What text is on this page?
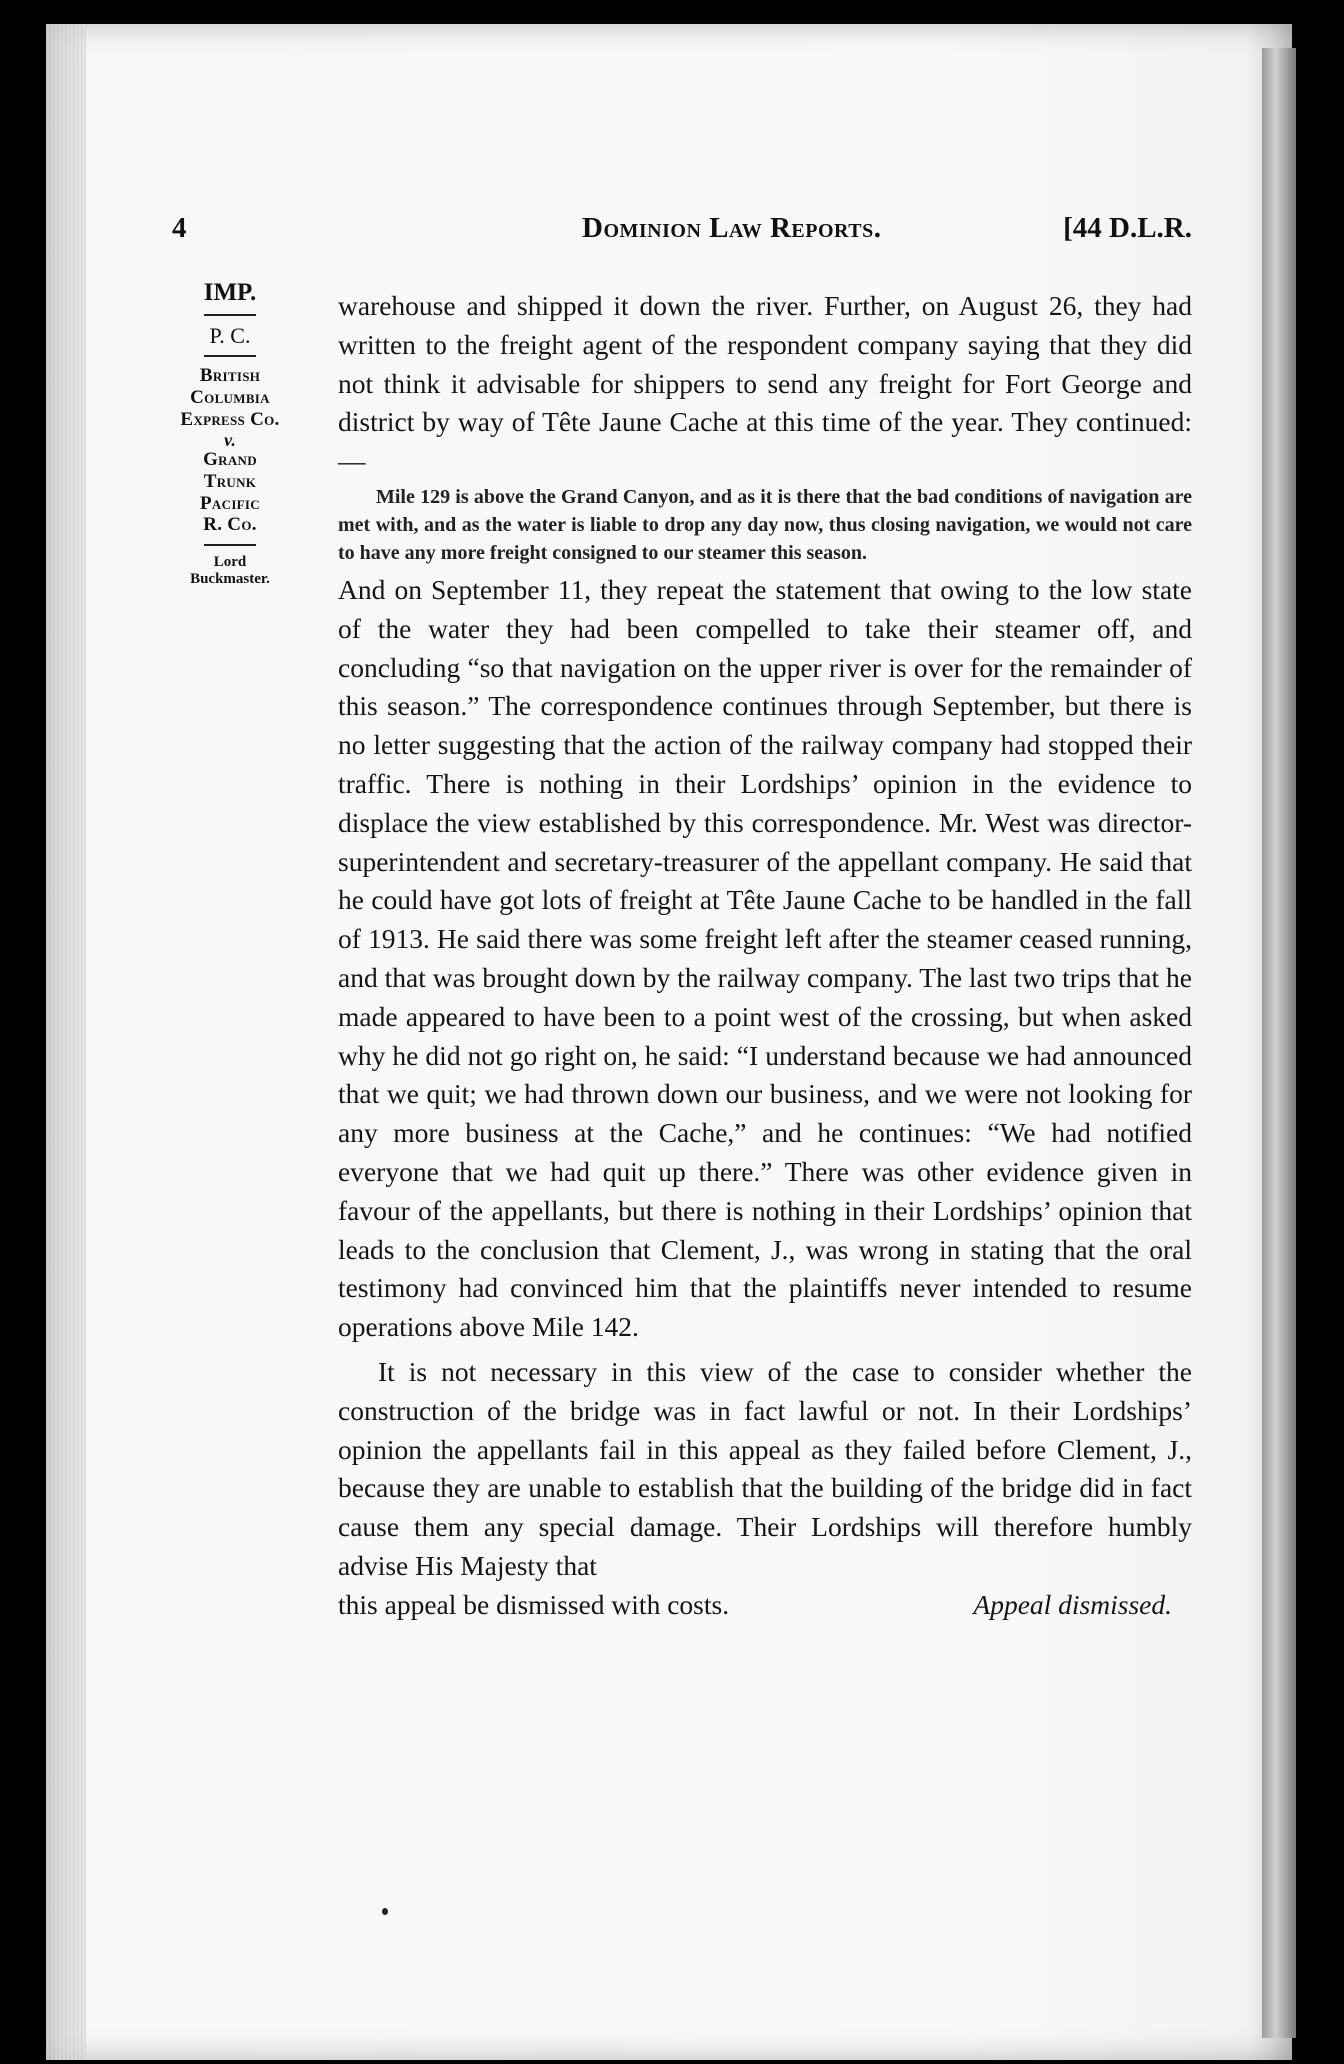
4	Dominion Law Reports.	[44 D.L.R.
IMP.
P. C.
British
Columbia
Express Co.
v.
Grand
Trunk
Pacific
R. Co.
Lord
Buckmaster.

warehouse and shipped it down the river. Further, on August 26, they had written to the freight agent of the respondent company saying that they did not think it advisable for shippers to send any freight for Fort George and district by way of Tête Jaune Cache at this time of the year. They continued:—

Mile 129 is above the Grand Canyon, and as it is there that the bad conditions of navigation are met with, and as the water is liable to drop any day now, thus closing navigation, we would not care to have any more freight consigned to our steamer this season.

And on September 11, they repeat the statement that owing to the low state of the water they had been compelled to take their steamer off, and concluding “so that navigation on the upper river is over for the remainder of this season.” The correspondence continues through September, but there is no letter suggesting that the action of the railway company had stopped their traffic. There is nothing in their Lordships’ opinion in the evidence to displace the view established by this correspondence. Mr. West was director-superintendent and secretary-treasurer of the appellant company. He said that he could have got lots of freight at Tête Jaune Cache to be handled in the fall of 1913. He said there was some freight left after the steamer ceased running, and that was brought down by the railway company. The last two trips that he made appeared to have been to a point west of the crossing, but when asked why he did not go right on, he said: “I understand because we had announced that we quit; we had thrown down our business, and we were not looking for any more business at the Cache,” and he continues: “We had notified everyone that we had quit up there.” There was other evidence given in favour of the appellants, but there is nothing in their Lordships’ opinion that leads to the conclusion that Clement, J., was wrong in stating that the oral testimony had convinced him that the plaintiffs never intended to resume operations above Mile 142.

It is not necessary in this view of the case to consider whether the construction of the bridge was in fact lawful or not. In their Lordships’ opinion the appellants fail in this appeal as they failed before Clement, J., because they are unable to establish that the building of the bridge did in fact cause them any special damage. Their Lordships will therefore humbly advise His Majesty that

this appeal be dismissed with costs.	Appeal dismissed.
